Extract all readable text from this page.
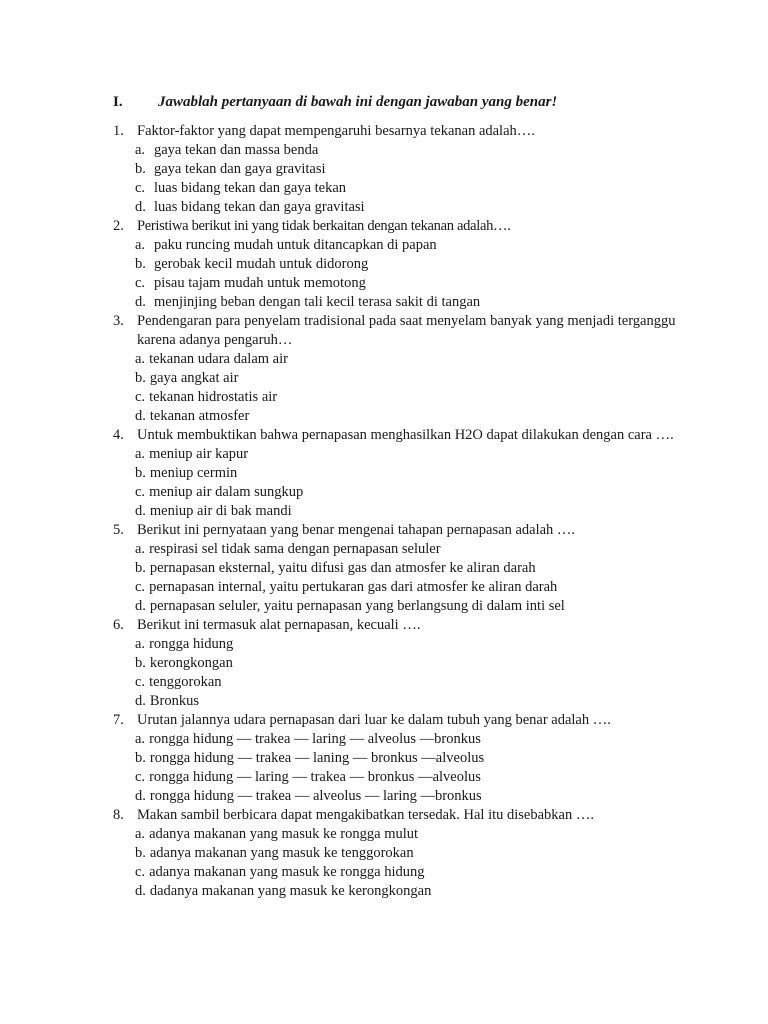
I.	Jawablah pertanyaan di bawah ini dengan jawaban yang benar!
1. Faktor-faktor yang dapat mempengaruhi besarnya tekanan adalah….
a. gaya tekan dan massa benda
b. gaya tekan dan gaya gravitasi
c. luas bidang tekan dan gaya tekan
d. luas bidang tekan dan gaya gravitasi
2. Peristiwa berikut ini yang tidak berkaitan dengan tekanan adalah….
a. paku runcing mudah untuk ditancapkan di papan
b. gerobak kecil mudah untuk didorong
c. pisau tajam mudah untuk memotong
d. menjinjing beban dengan tali kecil terasa sakit di tangan
3. Pendengaran para penyelam tradisional pada saat menyelam banyak yang menjadi terganggu karena adanya pengaruh…
a. tekanan udara dalam air
b. gaya angkat air
c. tekanan hidrostatis air
d. tekanan atmosfer
4. Untuk membuktikan bahwa pernapasan menghasilkan H2O dapat dilakukan dengan cara ….
a. meniup air kapur
b. meniup cermin
c. meniup air dalam sungkup
d. meniup air di bak mandi
5. Berikut ini pernyataan yang benar mengenai tahapan pernapasan adalah ….
a. respirasi sel tidak sama dengan pernapasan seluler
b. pernapasan eksternal, yaitu difusi gas dan atmosfer ke aliran darah
c. pernapasan internal, yaitu pertukaran gas dari atmosfer ke aliran darah
d. pernapasan seluler, yaitu pernapasan yang berlangsung di dalam inti sel
6. Berikut ini termasuk alat pernapasan, kecuali ….
a. rongga hidung
b. kerongkongan
c. tenggorokan
d. Bronkus
7. Urutan jalannya udara pernapasan dari luar ke dalam tubuh yang benar adalah ….
a. rongga hidung — trakea — laring — alveolus —bronkus
b. rongga hidung — trakea — laning — bronkus —alveolus
c. rongga hidung — laring — trakea — bronkus —alveolus
d. rongga hidung — trakea — alveolus — laring —bronkus
8. Makan sambil berbicara dapat mengakibatkan tersedak. Hal itu disebabkan ….
a. adanya makanan yang masuk ke rongga mulut
b. adanya makanan yang masuk ke tenggorokan
c. adanya makanan yang masuk ke rongga hidung
d. dadanya makanan yang masuk ke kerongkongan
